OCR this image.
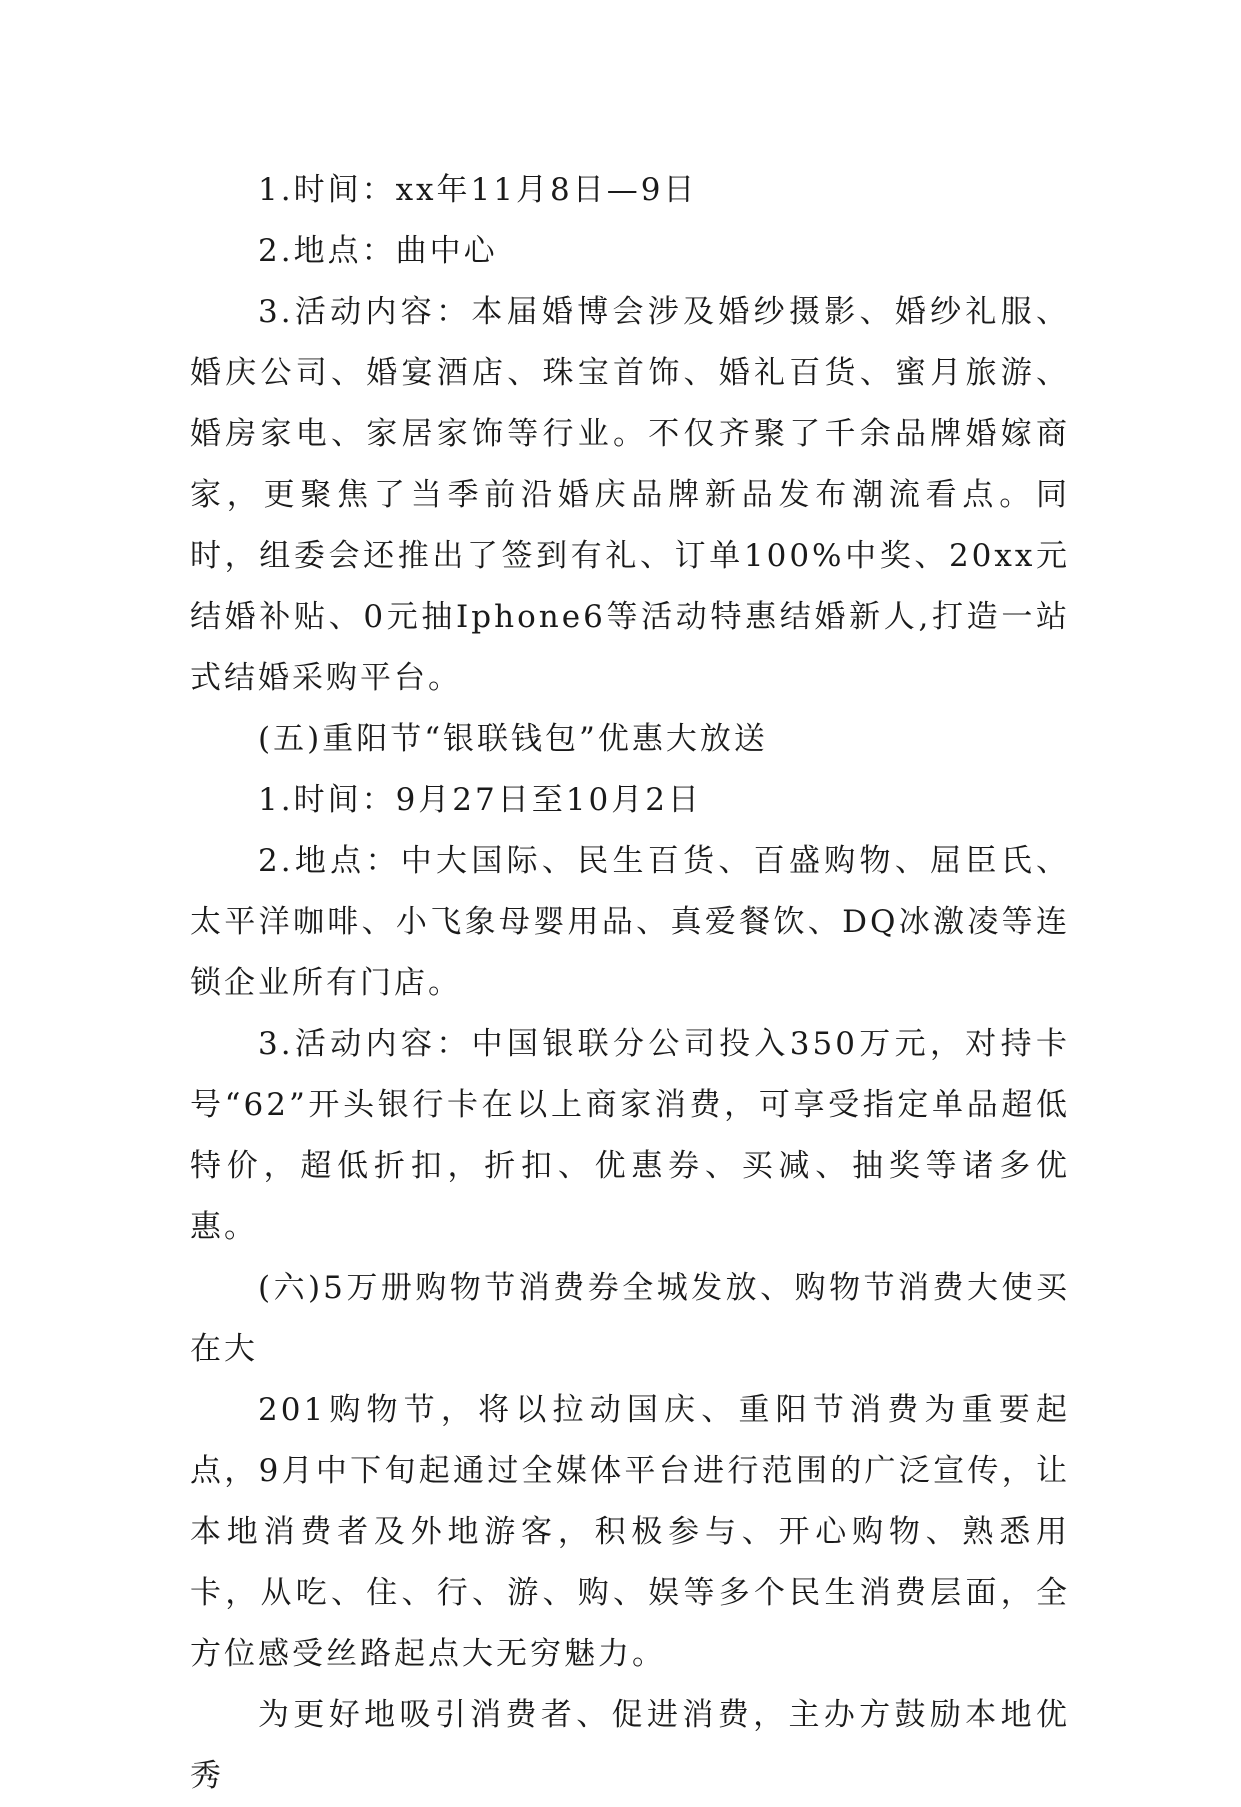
1.时间：xx年11月8日—9日

2.地点：曲中心

3.活动内容：本届婚博会涉及婚纱摄影、婚纱礼服、婚庆公司、婚宴酒店、珠宝首饰、婚礼百货、蜜月旅游、婚房家电、家居家饰等行业。不仅齐聚了千余品牌婚嫁商家，更聚焦了当季前沿婚庆品牌新品发布潮流看点。同时，组委会还推出了签到有礼、订单100%中奖、20xx元结婚补贴、0元抽Iphone6等活动特惠结婚新人,打造一站式结婚采购平台。

(五)重阳节“银联钱包”优惠大放送

1.时间：9月27日至10月2日

2.地点：中大国际、民生百货、百盛购物、屈臣氏、太平洋咖啡、小飞象母婴用品、真爱餐饮、DQ冰激凌等连锁企业所有门店。

3.活动内容：中国银联分公司投入350万元，对持卡号“62”开头银行卡在以上商家消费，可享受指定单品超低特价，超低折扣，折扣、优惠券、买减、抽奖等诸多优惠。

(六)5万册购物节消费券全城发放、购物节消费大使买在大

201购物节，将以拉动国庆、重阳节消费为重要起点，9月中下旬起通过全媒体平台进行范围的广泛宣传，让本地消费者及外地游客，积极参与、开心购物、熟悉用卡，从吃、住、行、游、购、娱等多个民生消费层面，全方位感受丝路起点大无穷魅力。

为更好地吸引消费者、促进消费，主办方鼓励本地优秀
